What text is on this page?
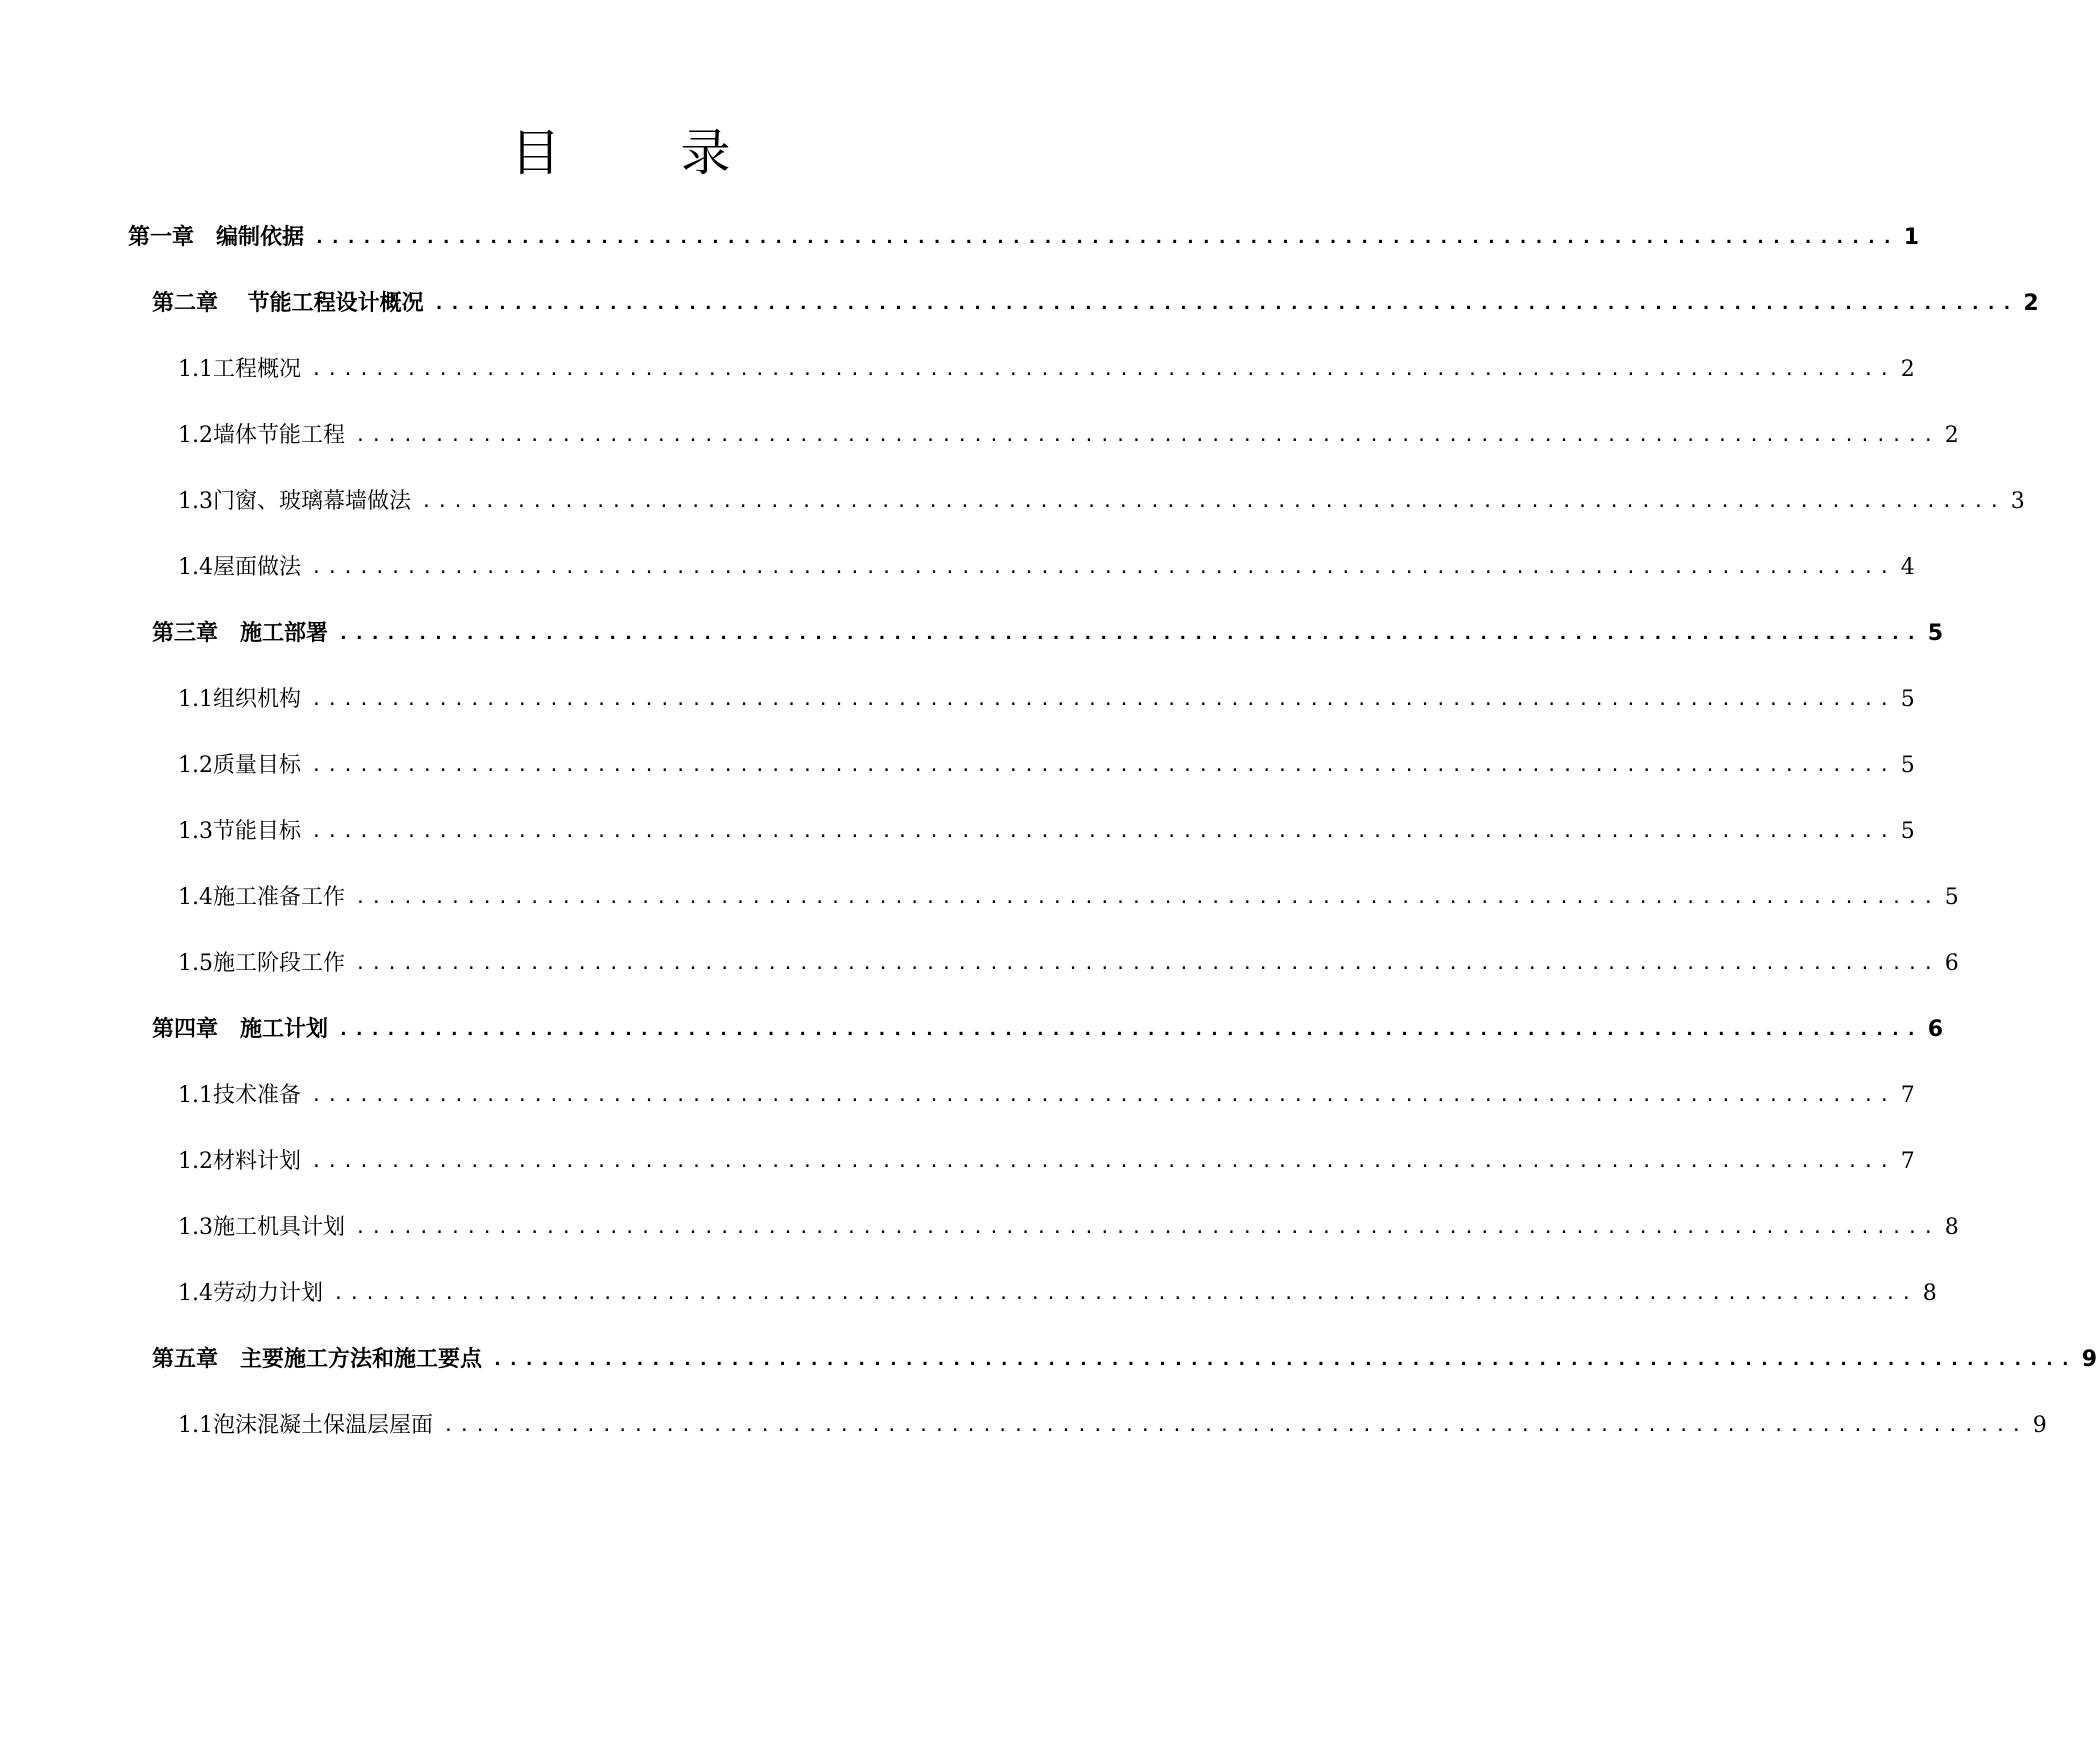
目 录
第一章　编制依据 .................................................................................................... 1
第二章 　节能工程设计概况 .................................................................................................... 2
1.1工程概况 .................................................................................................... 2
1.2墙体节能工程 .................................................................................................... 2
1.3门窗、玻璃幕墙做法 .................................................................................................... 3
1.4屋面做法 .................................................................................................... 4
第三章　施工部署 .................................................................................................... 5
1.1组织机构 .................................................................................................... 5
1.2质量目标 .................................................................................................... 5
1.3节能目标 .................................................................................................... 5
1.4施工准备工作 .................................................................................................... 5
1.5施工阶段工作 .................................................................................................... 6
第四章　施工计划 .................................................................................................... 6
1.1技术准备 .................................................................................................... 7
1.2材料计划 .................................................................................................... 7
1.3施工机具计划 .................................................................................................... 8
1.4劳动力计划 .................................................................................................... 8
第五章　主要施工方法和施工要点 .................................................................................................... 9
1.1泡沫混凝土保温层屋面 .................................................................................................... 9
